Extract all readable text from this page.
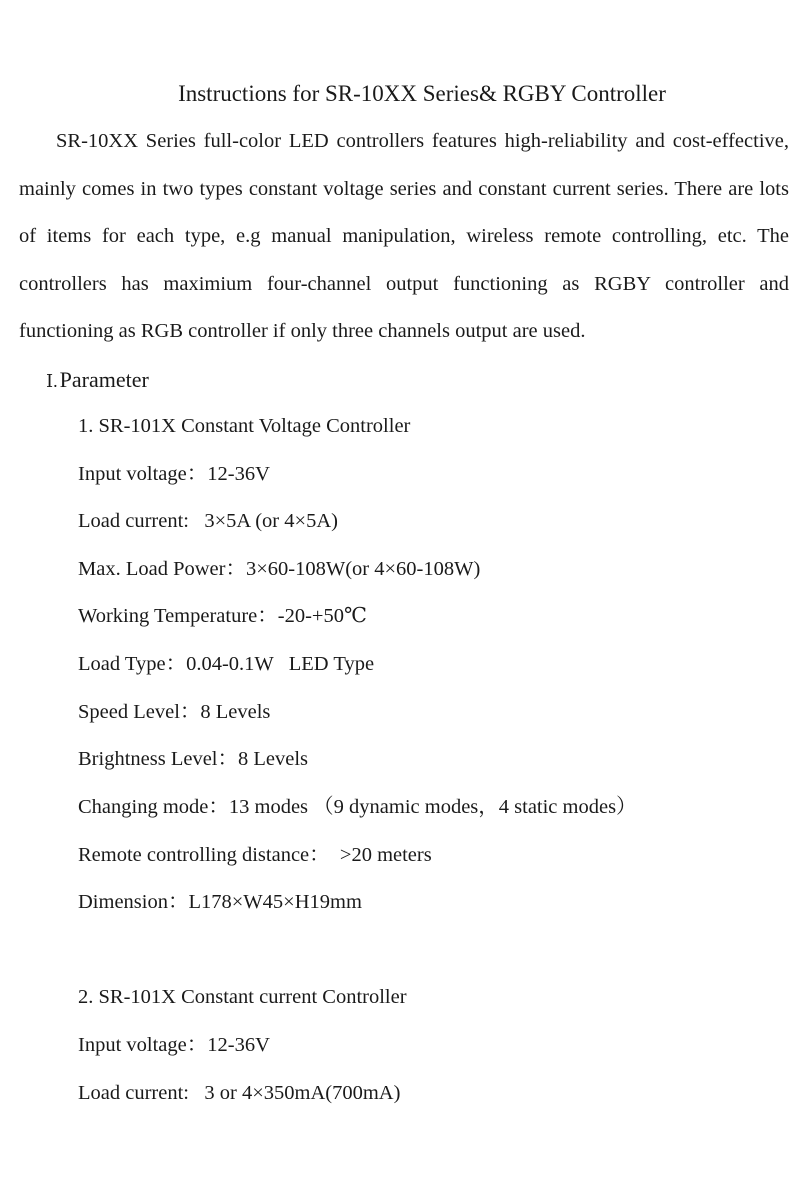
Instructions for SR-10XX Series& RGBY Controller

SR-10XX Series full-color LED controllers features high-reliability and cost-effective, mainly comes in two types constant voltage series and constant current series. There are lots of items for each type, e.g manual manipulation, wireless remote controlling, etc. The controllers has maximium four-channel output functioning as RGBY controller and functioning as RGB controller if only three channels output are used.

Ⅰ.Parameter
1. SR-101X Constant Voltage Controller
Input voltage：12-36V
Load current:   3×5A (or 4×5A)
Max. Load Power：3×60-108W(or 4×60-108W)
Working Temperature：-20-+50℃
Load Type：0.04-0.1W   LED Type
Speed Level：8 Levels
Brightness Level：8 Levels
Changing mode：13 modes （9 dynamic modes，4 static modes）
Remote controlling distance：  >20 meters
Dimension：L178×W45×H19mm
2. SR-101X Constant current Controller
Input voltage：12-36V
Load current:   3 or 4×350mA(700mA)
